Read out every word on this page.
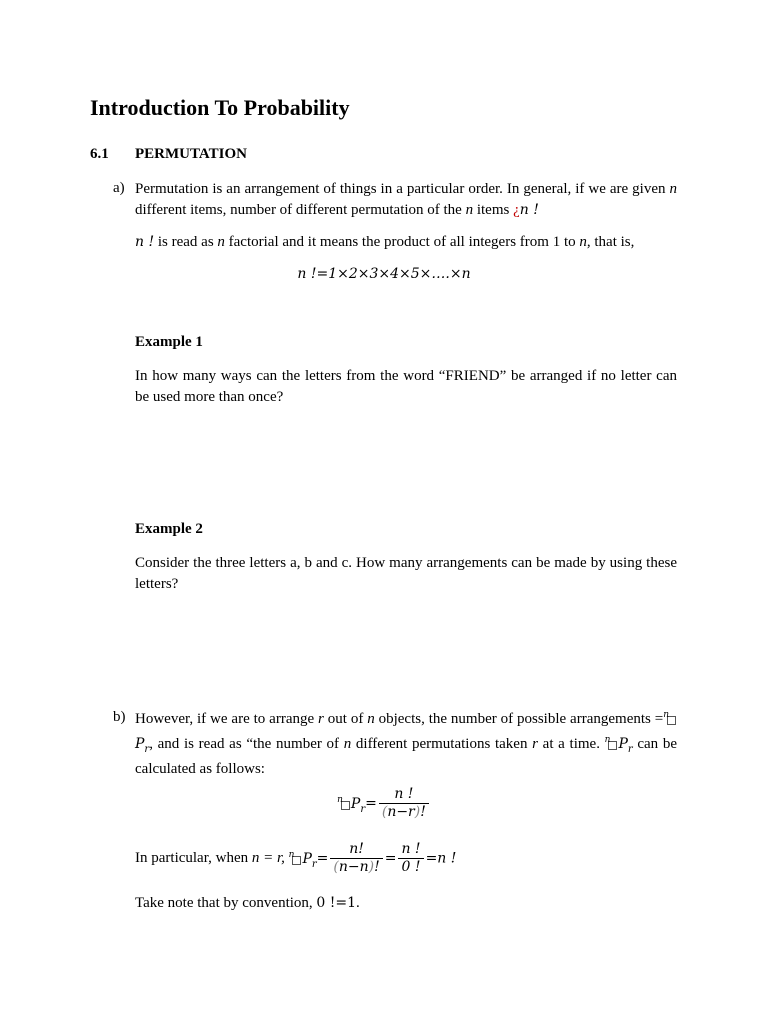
Introduction To Probability
6.1 PERMUTATION
a) Permutation is an arrangement of things in a particular order. In general, if we are given n different items, number of different permutation of the n items ¿n !
n ! is read as n factorial and it means the product of all integers from 1 to n, that is,
n !=1×2×3×4×5×….×n
Example 1
In how many ways can the letters from the word “FRIEND” be arranged if no letter can be used more than once?
Example 2
Consider the three letters a, b and c. How many arrangements can be made by using these letters?
b) However, if we are to arrange r out of n objects, the number of possible arrangements $=^nP_r$, and is read as “the number of n different permutations taken r at a time. $^n$ $P_r$ can be calculated as follows:
$^n$ $P_r= \frac{n !}{(n-r)!}$
In particular, when n = r, $^n$ $P_r= \frac{n!}{(n-n)!} = \frac{n !}{0 !} =n$ !
Take note that by convention, 0 !=1.
